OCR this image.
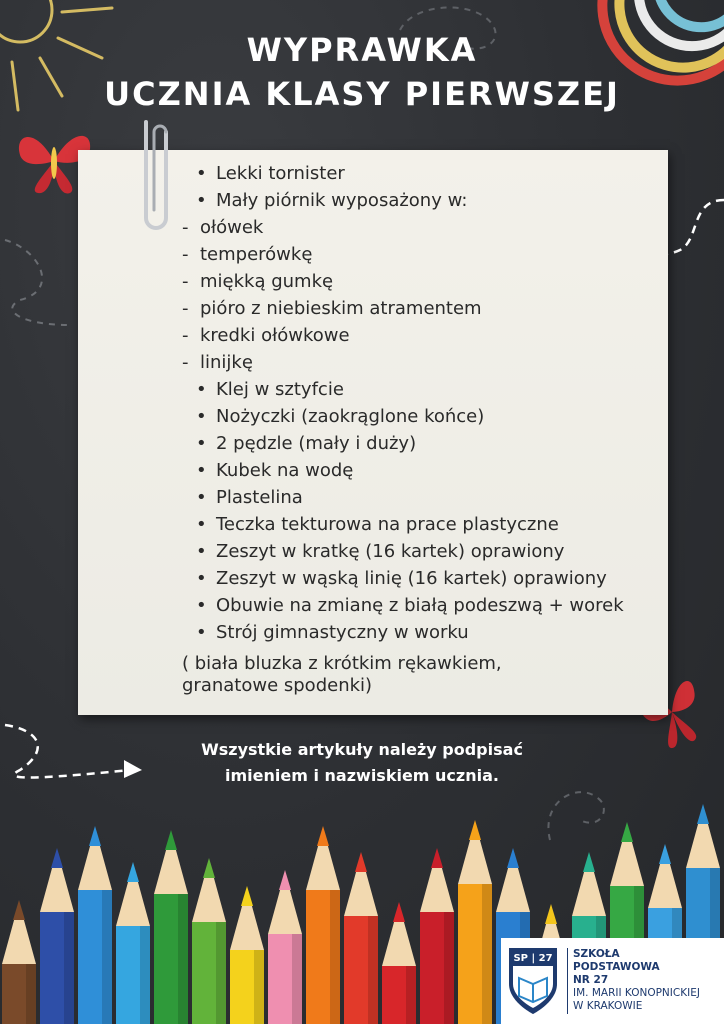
WYPRAWKA
UCZNIA KLASY PIERWSZEJ
• Lekki tornister
• Mały piórnik wyposażony w:
- ołówek
- temperówkę
- miękką gumkę
- pióro z niebieskim atramentem
- kredki ołówkowe
- linijkę
• Klej w sztyfcie
• Nożyczki (zaokrąglone końce)
• 2 pędzle (mały i duży)
• Kubek na wodę
• Plastelina
• Teczka tekturowa na prace plastyczne
• Zeszyt w kratkę (16 kartek) oprawiony
• Zeszyt w wąską linię (16 kartek) oprawiony
• Obuwie na zmianę z białą podeszwą + worek
• Strój gimnastyczny w worku
( biała bluzka z krótkim rękawkiem,
granatowe spodenki)
Wszystkie artykuły należy podpisać
imieniem i nazwiskiem ucznia.
SP | 27 SZKOŁA
PODSTAWOWA
NR 27
IM. MARII KONOPNICKIEJ
W KRAKOWIE
